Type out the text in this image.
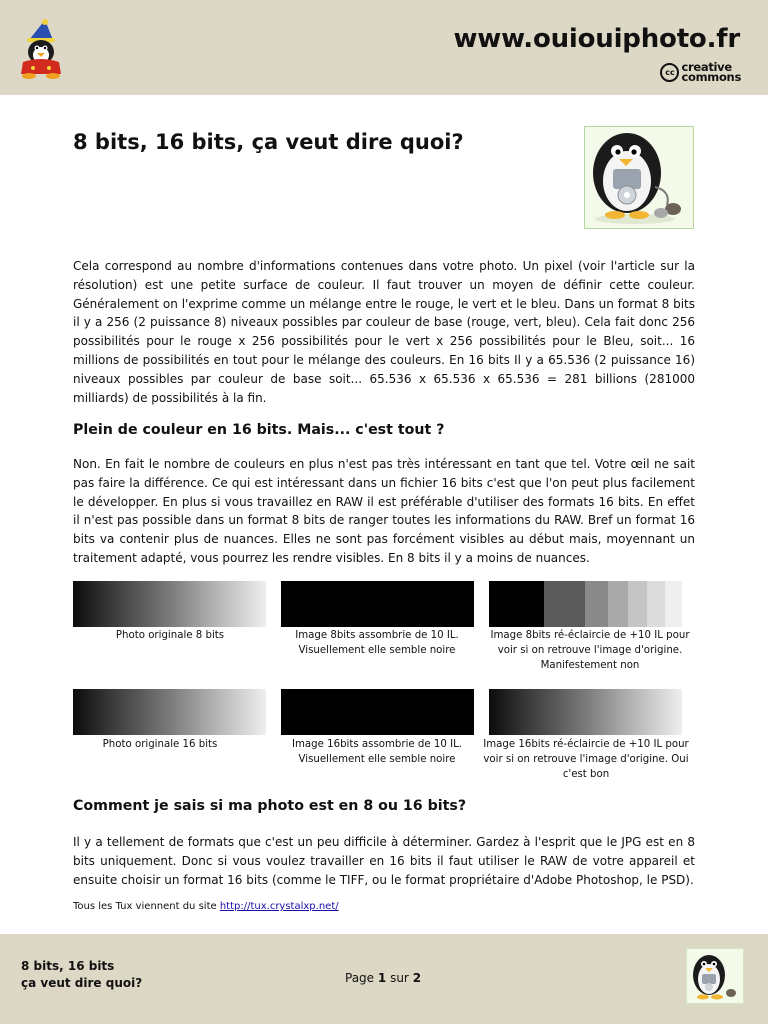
www.ouiouiphoto.fr
cc creative
commons
8 bits, 16 bits, ça veut dire quoi?

Cela correspond au nombre d'informations contenues dans votre photo. Un pixel (voir l'article sur la résolution) est une petite surface de couleur. Il faut trouver un moyen de définir cette couleur. Généralement on l'exprime comme un mélange entre le rouge, le vert et le bleu. Dans un format 8 bits il y a 256 (2 puissance 8) niveaux possibles par couleur de base (rouge, vert, bleu). Cela fait donc 256 possibilités pour le rouge x 256 possibilités pour le vert x 256 possibilités pour le Bleu, soit... 16 millions de possibilités en tout pour le mélange des couleurs. En 16 bits Il y a 65.536 (2 puissance 16) niveaux possibles par couleur de base soit... 65.536 x 65.536 x 65.536 = 281 billions (281000 milliards) de possibilités à la fin.

Plein de couleur en 16 bits. Mais... c'est tout ?

Non. En fait le nombre de couleurs en plus n'est pas très intéressant en tant que tel. Votre œil ne sait pas faire la différence. Ce qui est intéressant dans un fichier 16 bits c'est que l'on peut plus facilement le développer. En plus si vous travaillez en RAW il est préférable d'utiliser des formats 16 bits. En effet il n'est pas possible dans un format 8 bits de ranger toutes les informations du RAW. Bref un format 16 bits va contenir plus de nuances. Elles ne sont pas forcément visibles au début mais, moyennant un traitement adapté, vous pourrez les rendre visibles. En 8 bits il y a moins de nuances.

Photo originale 8 bits	Image 8bits assombrie de 10 IL. Visuellement elle semble noire
Image 8bits ré-éclaircie de +10 IL pour voir si on retrouve l'image d'origine. Manifestement non
Photo originale 16 bits	Image 16bits assombrie de 10 IL. Visuellement elle semble noire
Image 16bits ré-éclaircie de +10 IL pour voir si on retrouve l'image d'origine. Oui c'est bon
Comment je sais si ma photo est en 8 ou 16 bits?

Il y a tellement de formats que c'est un peu difficile à déterminer. Gardez à l'esprit que le JPG est en 8 bits uniquement. Donc si vous voulez travailler en 16 bits il faut utiliser le RAW de votre appareil et ensuite choisir un format 16 bits (comme le TIFF, ou le format propriétaire d'Adobe Photoshop, le PSD).

Tous les Tux viennent du site http://tux.crystalxp.net/
8 bits, 16 bits
ça veut dire quoi?	Page 1 sur 2
